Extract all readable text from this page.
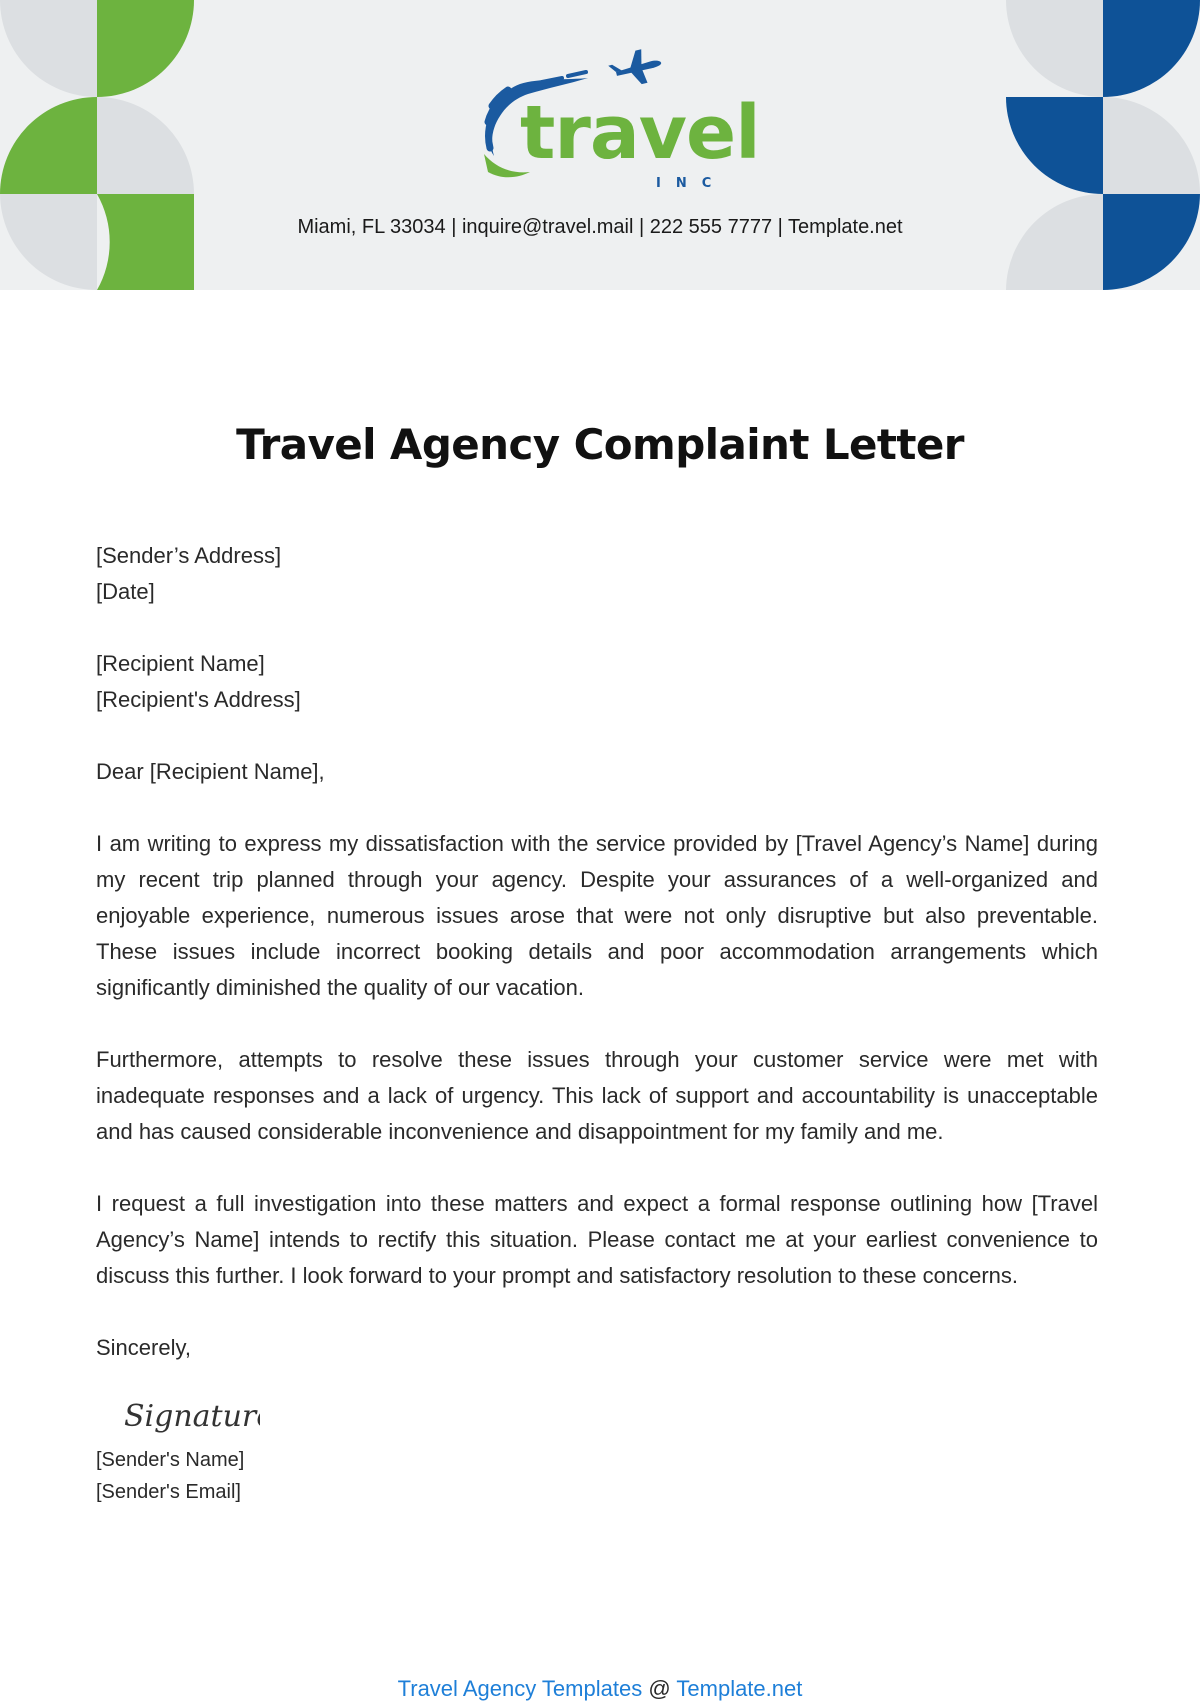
travel
INC
Miami, FL 33034 | inquire@travel.mail | 222 555 7777 | Template.net
Travel Agency Complaint Letter

[Sender’s Address]

[Date]

[Recipient Name]

[Recipient's Address]

Dear [Recipient Name],

I am writing to express my dissatisfaction with the service provided by [Travel Agency’s Name] during my recent trip planned through your agency. Despite your assurances of a well-organized and enjoyable experience, numerous issues arose that were not only disruptive but also preventable. These issues include incorrect booking details and poor accommodation arrangements which significantly diminished the quality of our vacation.

Furthermore, attempts to resolve these issues through your customer service were met with inadequate responses and a lack of urgency. This lack of support and accountability is unacceptable and has caused considerable inconvenience and disappointment for my family and me.

I request a full investigation into these matters and expect a formal response outlining how [Travel Agency’s Name] intends to rectify this situation. Please contact me at your earliest convenience to discuss this further. I look forward to your prompt and satisfactory resolution to these concerns.

Sincerely,

Signature

[Sender's Name]

[Sender's Email]

Travel Agency Templates @ Template.net
